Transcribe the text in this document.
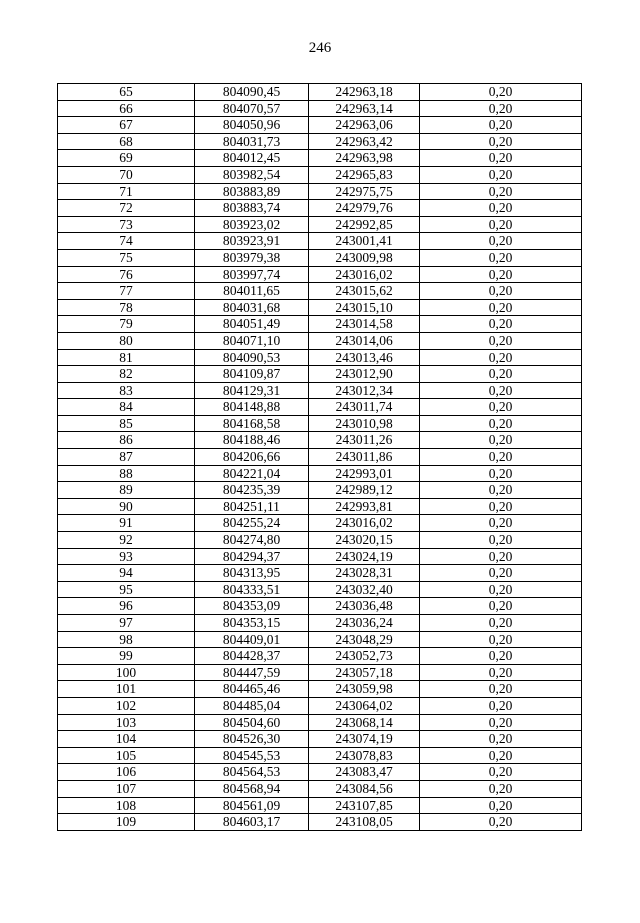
246
65	804090,45	242963,18	0,20
66	804070,57	242963,14	0,20
67	804050,96	242963,06	0,20
68	804031,73	242963,42	0,20
69	804012,45	242963,98	0,20
70	803982,54	242965,83	0,20
71	803883,89	242975,75	0,20
72	803883,74	242979,76	0,20
73	803923,02	242992,85	0,20
74	803923,91	243001,41	0,20
75	803979,38	243009,98	0,20
76	803997,74	243016,02	0,20
77	804011,65	243015,62	0,20
78	804031,68	243015,10	0,20
79	804051,49	243014,58	0,20
80	804071,10	243014,06	0,20
81	804090,53	243013,46	0,20
82	804109,87	243012,90	0,20
83	804129,31	243012,34	0,20
84	804148,88	243011,74	0,20
85	804168,58	243010,98	0,20
86	804188,46	243011,26	0,20
87	804206,66	243011,86	0,20
88	804221,04	242993,01	0,20
89	804235,39	242989,12	0,20
90	804251,11	242993,81	0,20
91	804255,24	243016,02	0,20
92	804274,80	243020,15	0,20
93	804294,37	243024,19	0,20
94	804313,95	243028,31	0,20
95	804333,51	243032,40	0,20
96	804353,09	243036,48	0,20
97	804353,15	243036,24	0,20
98	804409,01	243048,29	0,20
99	804428,37	243052,73	0,20
100	804447,59	243057,18	0,20
101	804465,46	243059,98	0,20
102	804485,04	243064,02	0,20
103	804504,60	243068,14	0,20
104	804526,30	243074,19	0,20
105	804545,53	243078,83	0,20
106	804564,53	243083,47	0,20
107	804568,94	243084,56	0,20
108	804561,09	243107,85	0,20
109	804603,17	243108,05	0,20
